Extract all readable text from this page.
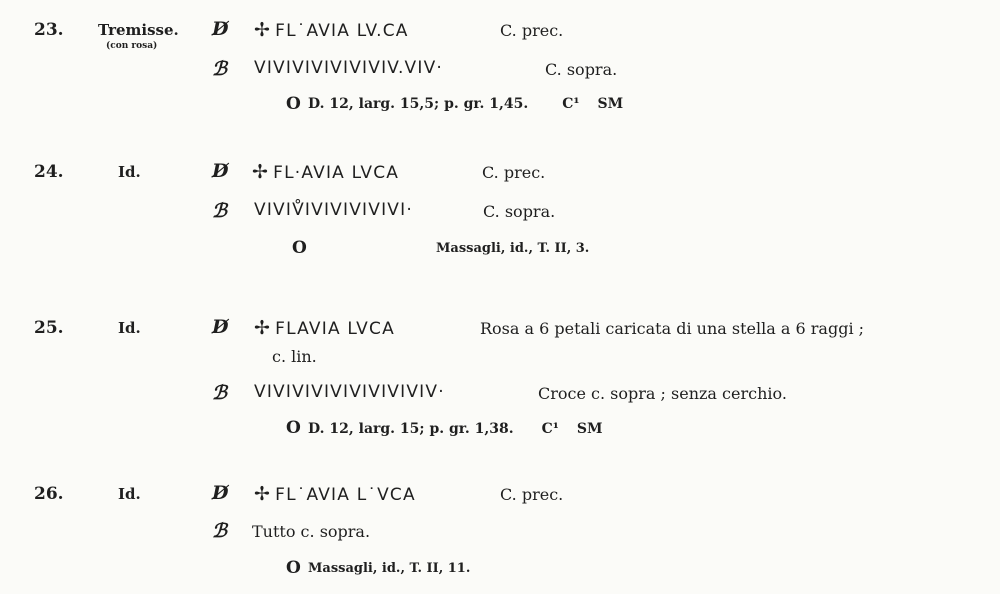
23. Tremisse.
(con rosa)
D̸ ✢ FL˙AVIA LV.CA	C. prec.
ℬ VIVIVIVIVIVIVIV.VIV·	C. sopra.
O D. 12, larg. 15,5; p. gr. 1,45. C¹ SM
24.	Id.	D̸ ✢ FL·AVIA LVCA	C. prec.
ℬ VIVIV̊IVIVIVIVIVI·	C. sopra.
O	Massagli, id., T. II, 3.
25.	Id.	D̸ ✢ FLAVIA LVCA	Rosa a 6 petali caricata di una stella a 6 raggi ;
c. lin.
ℬ VIVIVIVIVIVIVIVIVIV·	Croce c. sopra ; senza cerchio.
O D. 12, larg. 15; p. gr. 1,38. C¹ SM
26.	Id.	D̸ ✢ FL˙AVIA L˙VCA	C. prec.
ℬ Tutto c. sopra.
O Massagli, id., T. II, 11.
